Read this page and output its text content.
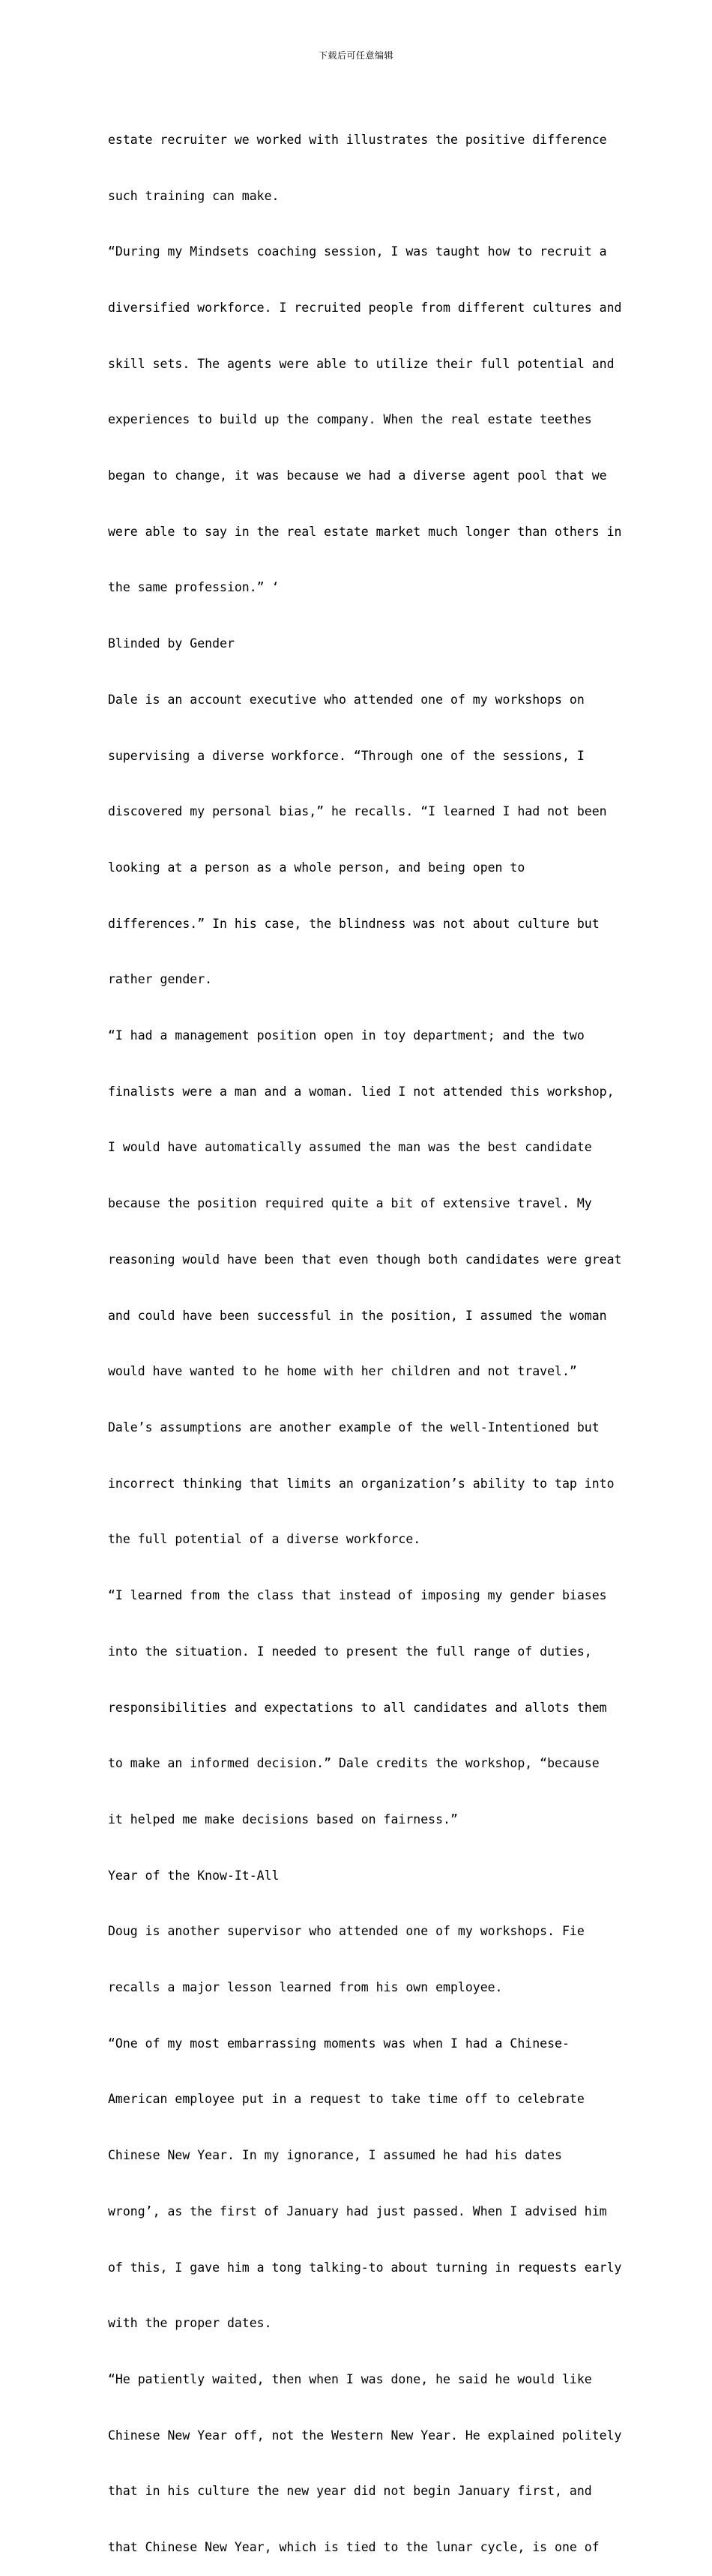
下载后可任意编辑

estate recruiter we worked with illustrates the positive difference

such training can make.

“During my Mindsets coaching session, I was taught how to recruit a

diversified workforce. I recruited people from different cultures and

skill sets. The agents were able to utilize their full potential and

experiences to build up the company. When the real estate teethes

began to change, it was because we had a diverse agent pool that we

were able to say in the real estate market much longer than others in

the same profession.” ‘

Blinded by Gender

Dale is an account executive who attended one of my workshops on

supervising a diverse workforce. “Through one of the sessions, I

discovered my personal bias,” he recalls. “I learned I had not been

looking at a person as a whole person, and being open to

differences.” In his case, the blindness was not about culture but

rather gender.

“I had a management position open in toy department; and the two

finalists were a man and a woman. lied I not attended this workshop,

I would have automatically assumed the man was the best candidate

because the position required quite a bit of extensive travel. My

reasoning would have been that even though both candidates were great

and could have been successful in the position, I assumed the woman

would have wanted to he home with her children and not travel.”

Dale’s assumptions are another example of the well-Intentioned but

incorrect thinking that limits an organization’s ability to tap into

the full potential of a diverse workforce.

“I learned from the class that instead of imposing my gender biases

into the situation. I needed to present the full range of duties,

responsibilities and expectations to all candidates and allots them

to make an informed decision.” Dale credits the workshop, “because

it helped me make decisions based on fairness.”

Year of the Know-It-All

Doug is another supervisor who attended one of my workshops. Fie

recalls a major lesson learned from his own employee.

“One of my most embarrassing moments was when I had a Chinese-

American employee put in a request to take time off to celebrate

Chinese New Year. In my ignorance, I assumed he had his dates

wrong’, as the first of January had just passed. When I advised him

of this, I gave him a tong talking-to about turning in requests early

with the proper dates.

“He patiently waited, then when I was done, he said he would like

Chinese New Year off, not the Western New Year. He explained politely

that in his culture the new year did not begin January first, and

that Chinese New Year, which is tied to the lunar cycle, is one of
